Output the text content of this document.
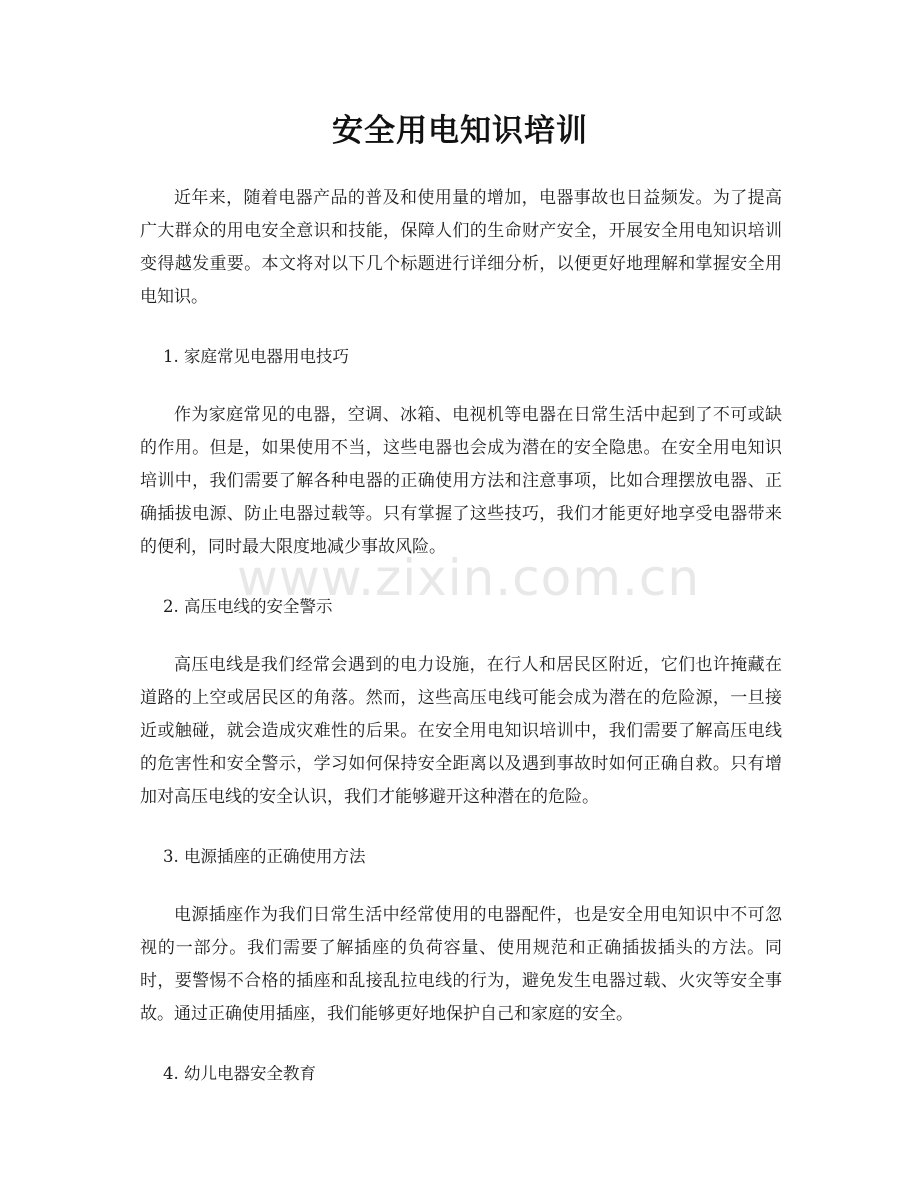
安全用电知识培训

近年来，随着电器产品的普及和使用量的增加，电器事故也日益频发。为了提高广大群众的用电安全意识和技能，保障人们的生命财产安全，开展安全用电知识培训变得越发重要。本文将对以下几个标题进行详细分析，以便更好地理解和掌握安全用电知识。

1. 家庭常见电器用电技巧

作为家庭常见的电器，空调、冰箱、电视机等电器在日常生活中起到了不可或缺的作用。但是，如果使用不当，这些电器也会成为潜在的安全隐患。在安全用电知识培训中，我们需要了解各种电器的正确使用方法和注意事项，比如合理摆放电器、正确插拔电源、防止电器过载等。只有掌握了这些技巧，我们才能更好地享受电器带来的便利，同时最大限度地减少事故风险。

2. 高压电线的安全警示

高压电线是我们经常会遇到的电力设施，在行人和居民区附近，它们也许掩藏在道路的上空或居民区的角落。然而，这些高压电线可能会成为潜在的危险源，一旦接近或触碰，就会造成灾难性的后果。在安全用电知识培训中，我们需要了解高压电线的危害性和安全警示，学习如何保持安全距离以及遇到事故时如何正确自救。只有增加对高压电线的安全认识，我们才能够避开这种潜在的危险。

3. 电源插座的正确使用方法

电源插座作为我们日常生活中经常使用的电器配件，也是安全用电知识中不可忽视的一部分。我们需要了解插座的负荷容量、使用规范和正确插拔插头的方法。同时，要警惕不合格的插座和乱接乱拉电线的行为，避免发生电器过载、火灾等安全事故。通过正确使用插座，我们能够更好地保护自己和家庭的安全。

4. 幼儿电器安全教育

www.zixin.com.cn
